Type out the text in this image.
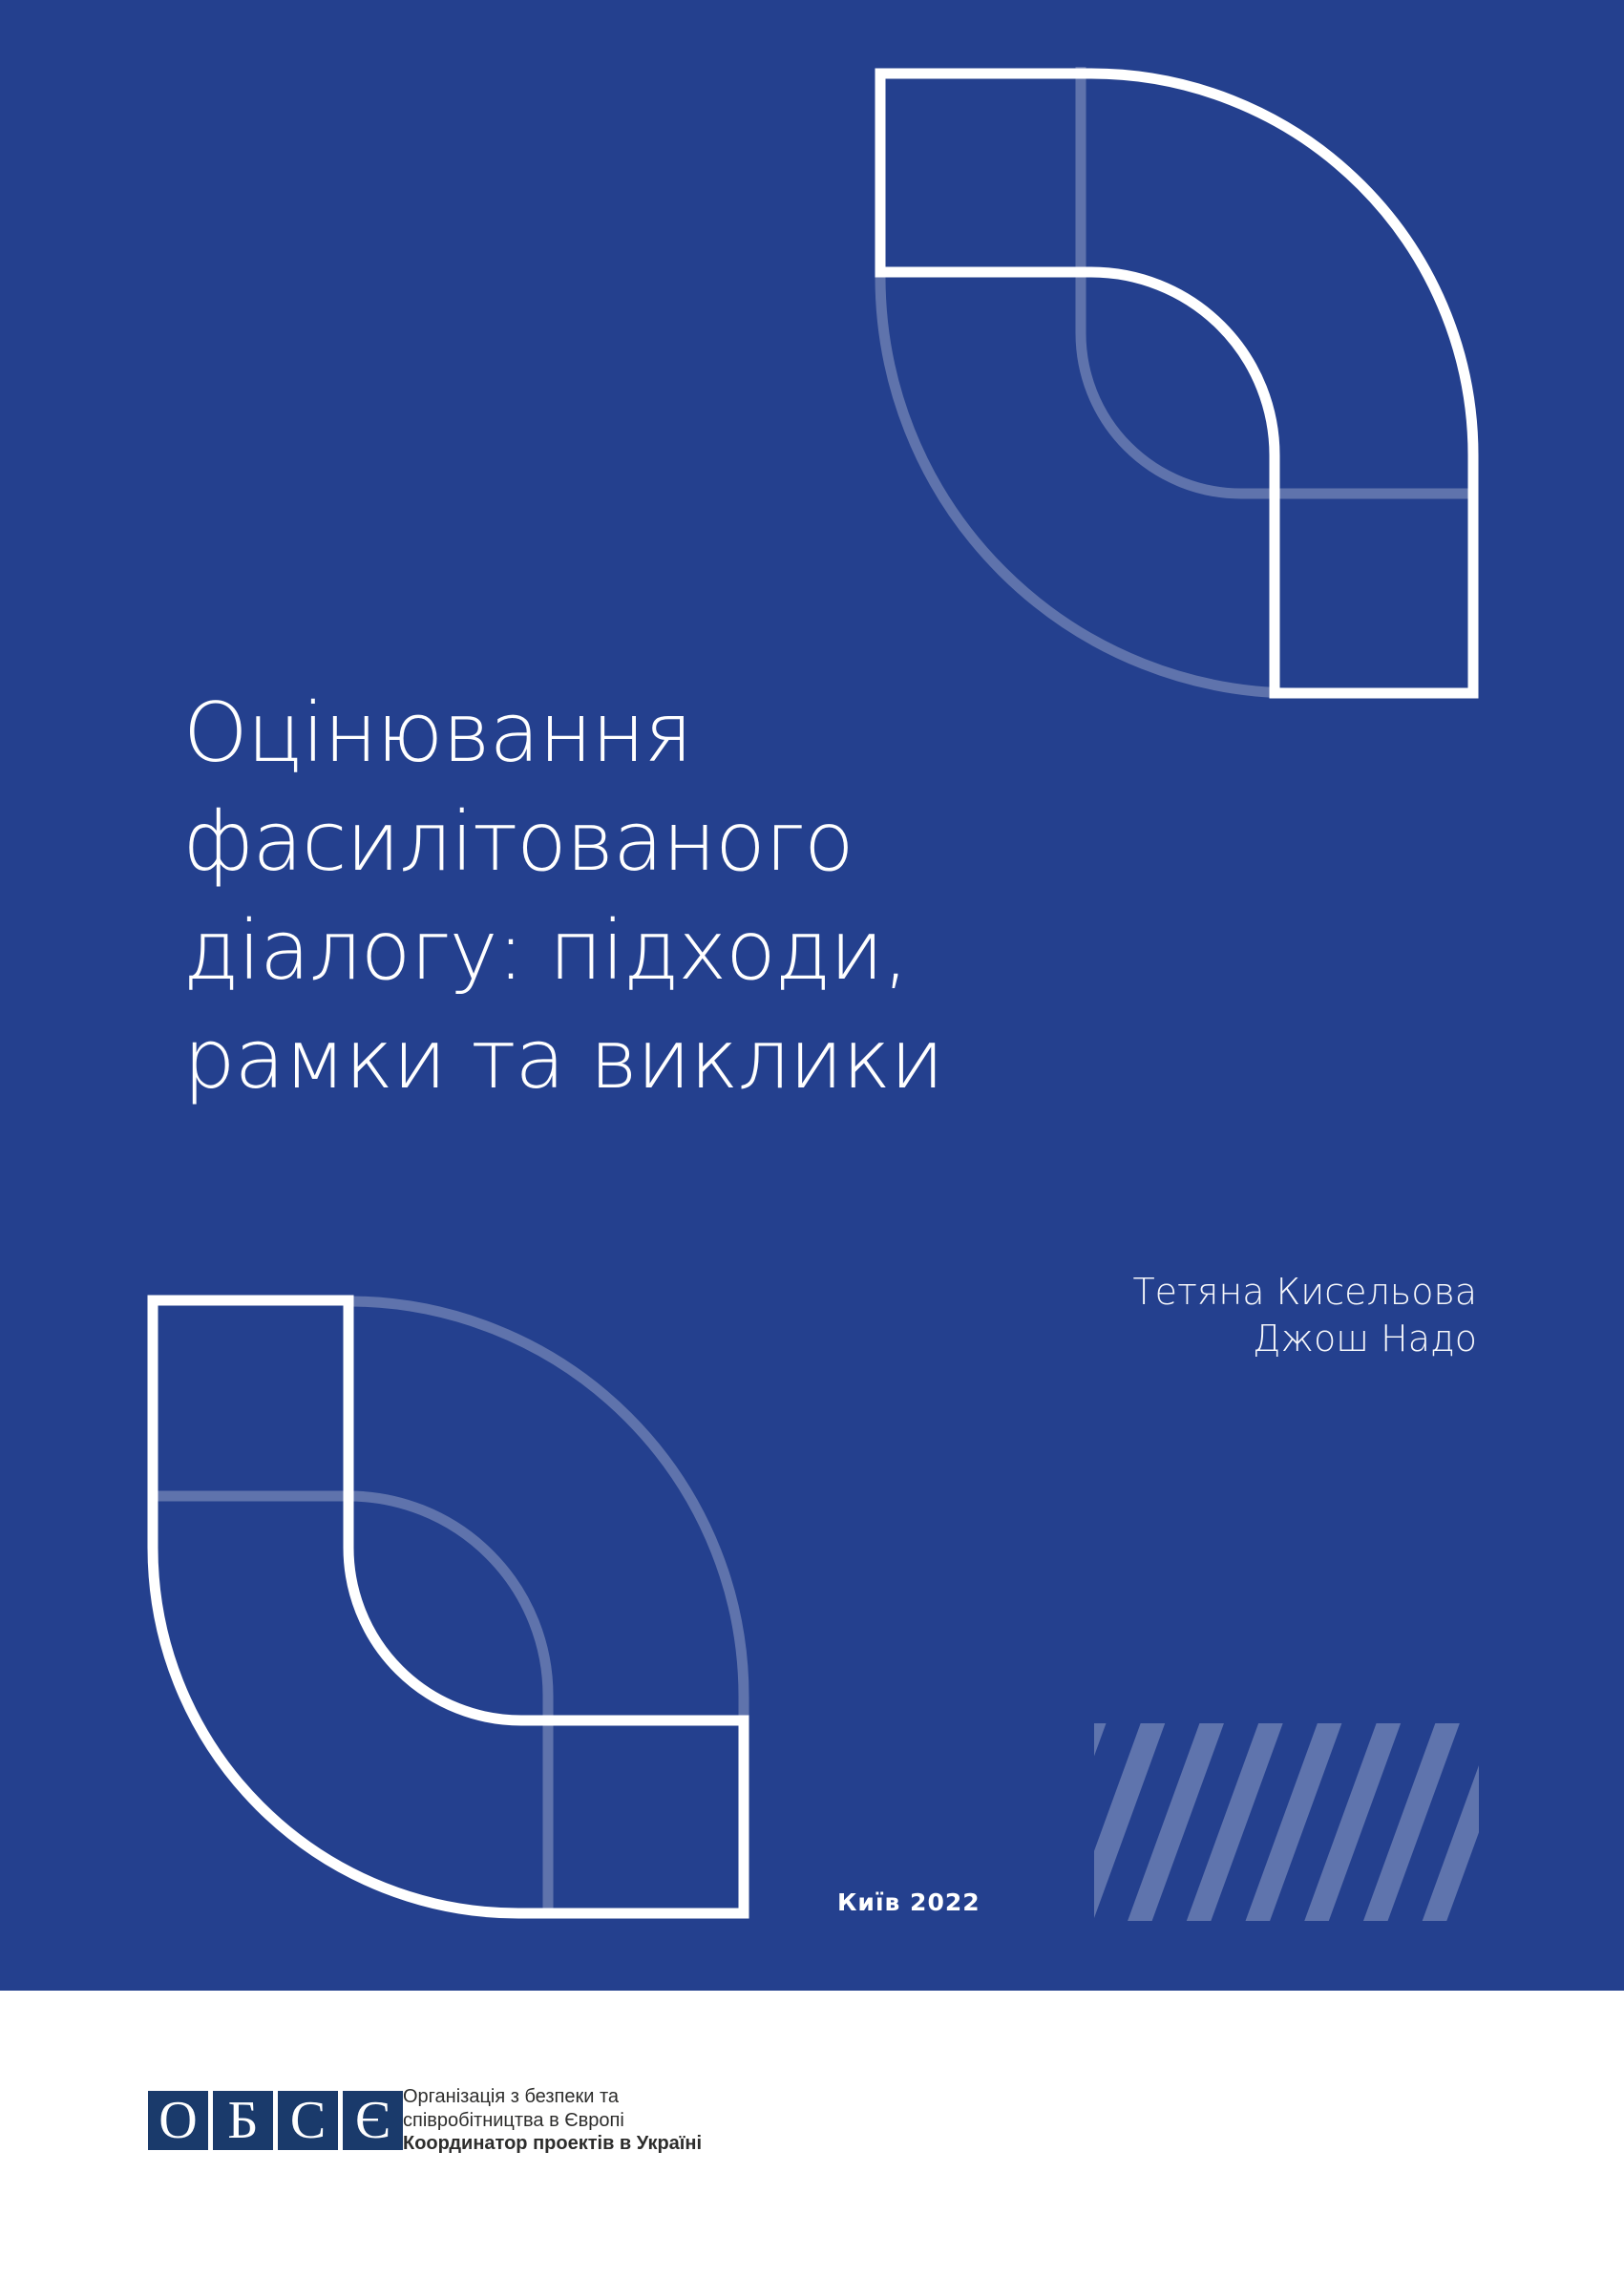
Оцінювання
фасилітованого
діалогу: підходи,
рамки та виклики
Тетяна Кисельова
Джош Надо
Київ 2022
О Б С Є Організація з безпеки та
співробітництва в Європі
Координатор проектів в Україні
